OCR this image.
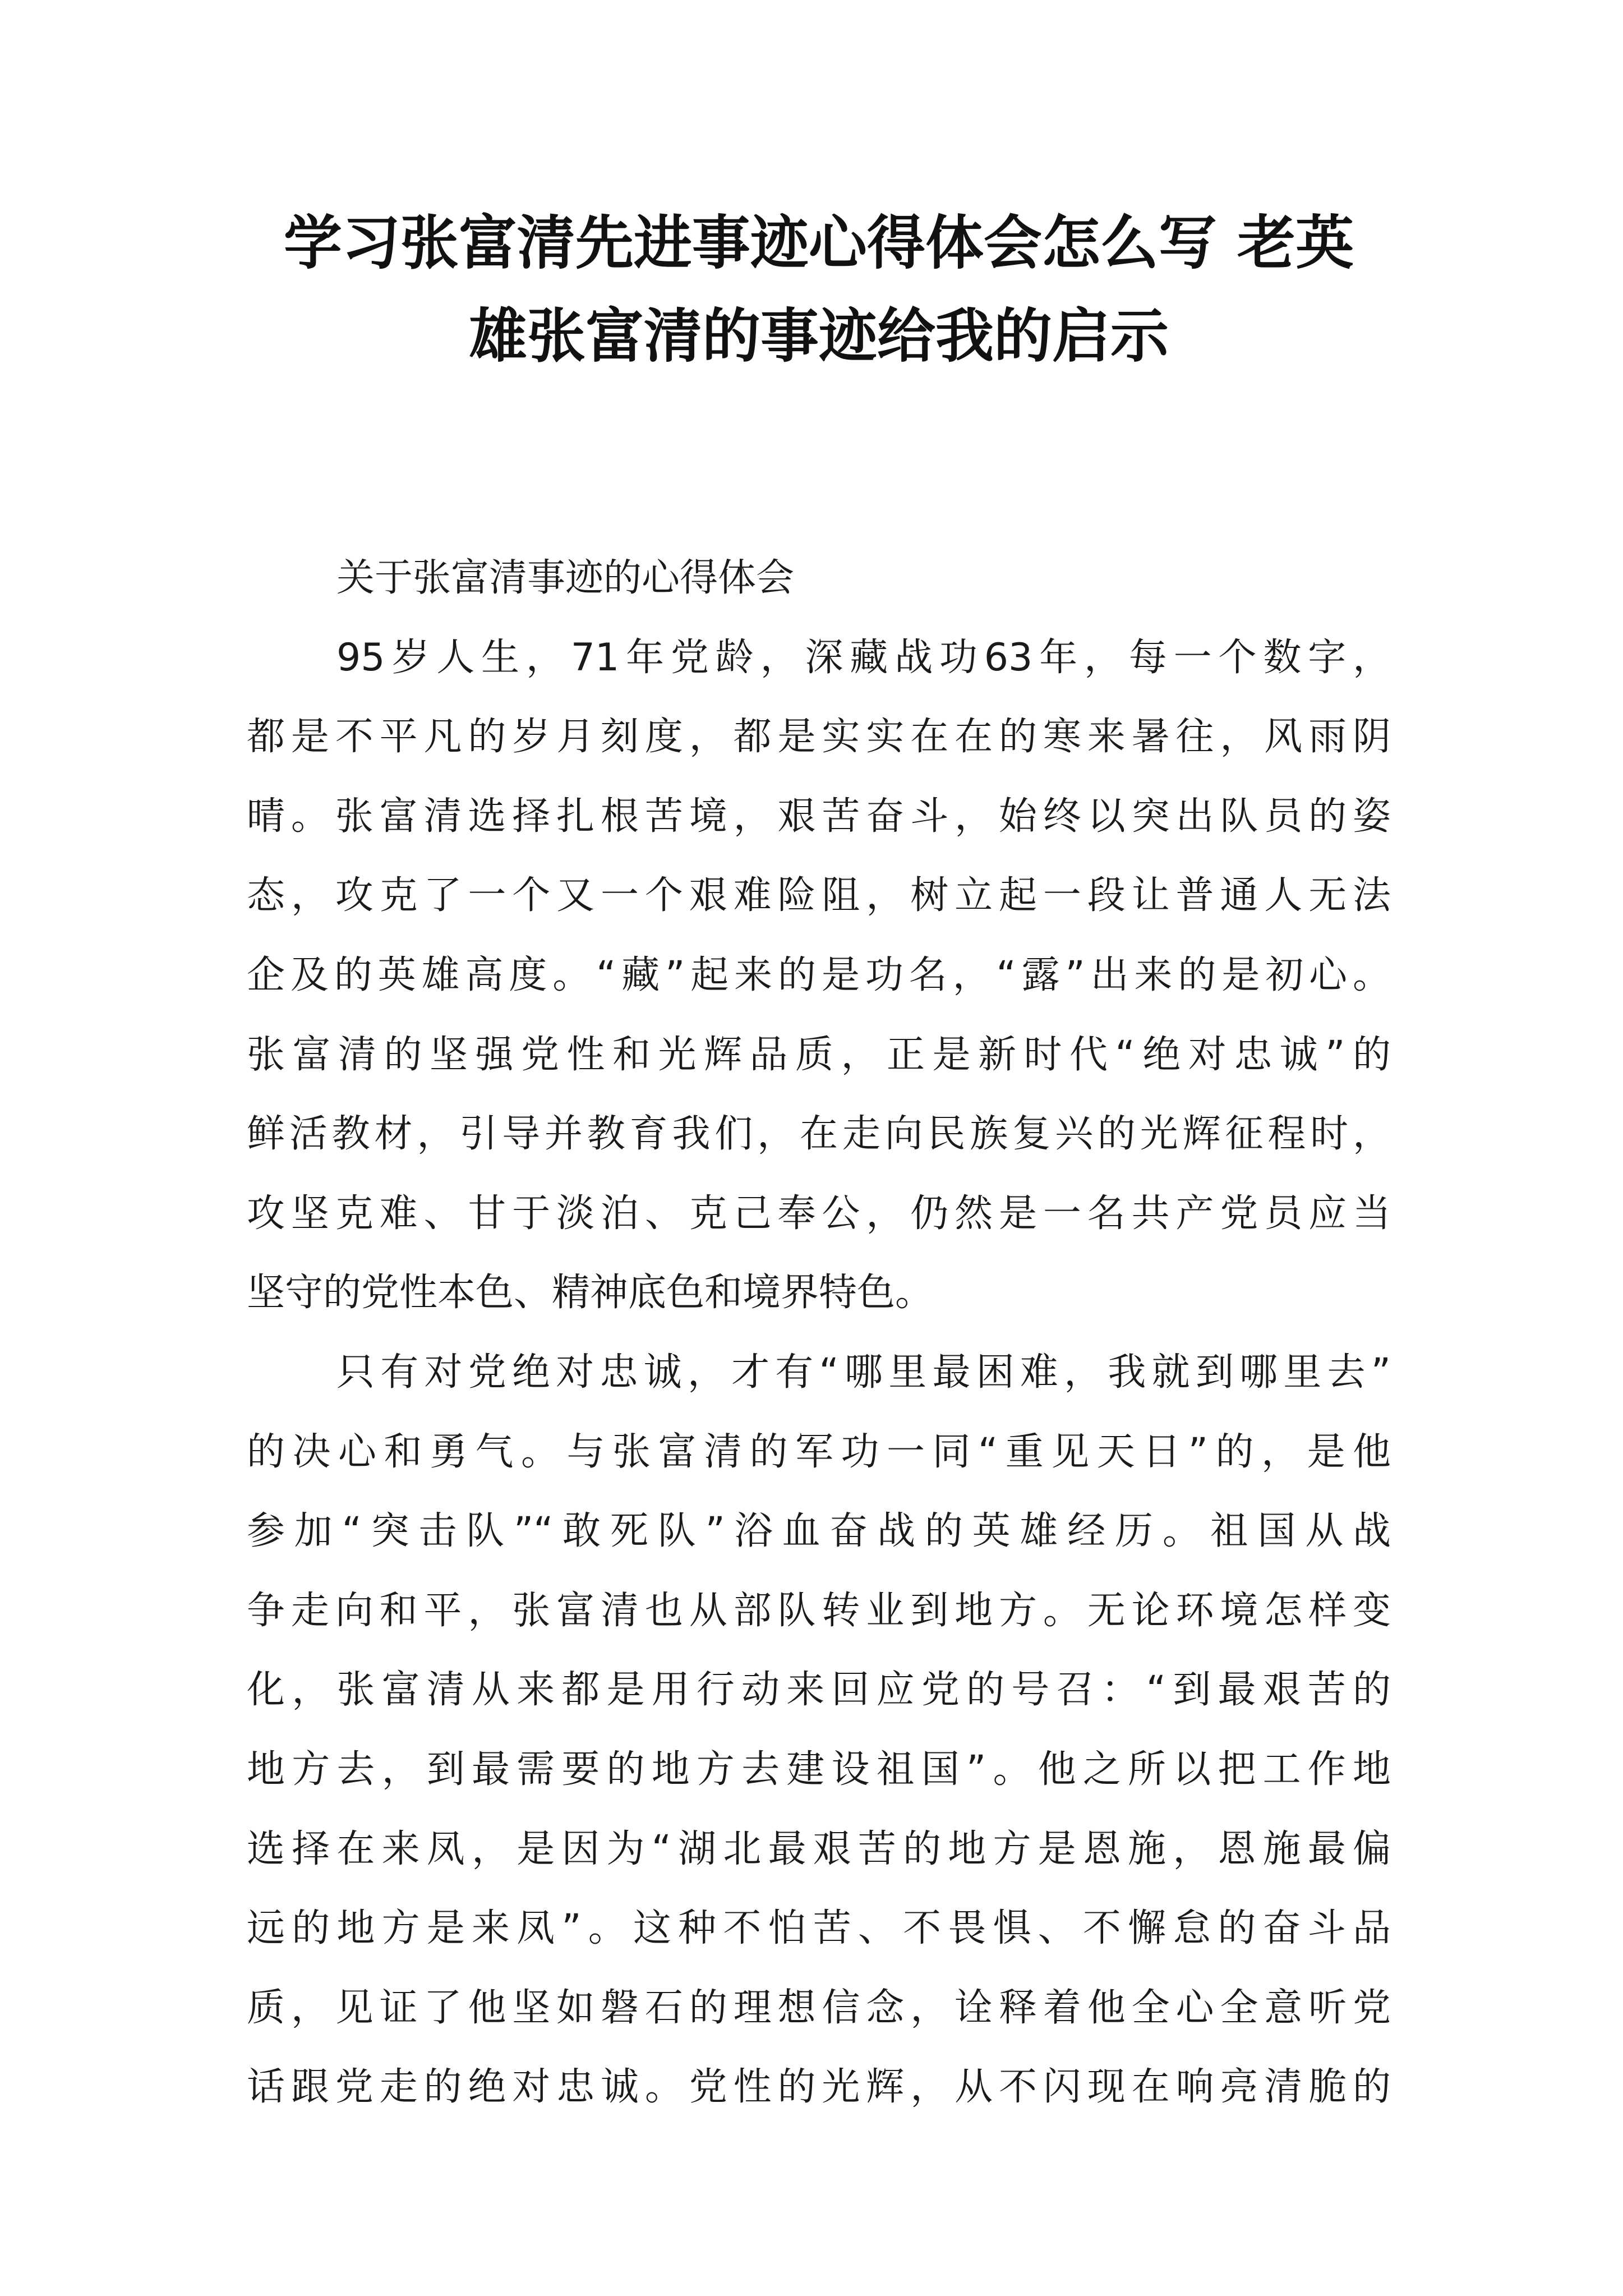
学习张富清先进事迹心得体会怎么写 老英
雄张富清的事迹给我的启示
关于张富清事迹的心得体会
95岁人生，71年党龄，深藏战功63年，每一个数字，
都是不平凡的岁月刻度，都是实实在在的寒来暑往，风雨阴
晴。张富清选择扎根苦境，艰苦奋斗，始终以突出队员的姿
态，攻克了一个又一个艰难险阻，树立起一段让普通人无法
企及的英雄高度。“藏”起来的是功名，“露”出来的是初心。
张富清的坚强党性和光辉品质，正是新时代“绝对忠诚”的
鲜活教材，引导并教育我们，在走向民族复兴的光辉征程时，
攻坚克难、甘于淡泊、克己奉公，仍然是一名共产党员应当
坚守的党性本色、精神底色和境界特色。
只有对党绝对忠诚，才有“哪里最困难，我就到哪里去”
的决心和勇气。与张富清的军功一同“重见天日”的，是他
参加“突击队”“敢死队”浴血奋战的英雄经历。祖国从战
争走向和平，张富清也从部队转业到地方。无论环境怎样变
化，张富清从来都是用行动来回应党的号召：“到最艰苦的
地方去，到最需要的地方去建设祖国”。他之所以把工作地
选择在来凤，是因为“湖北最艰苦的地方是恩施，恩施最偏
远的地方是来凤”。这种不怕苦、不畏惧、不懈怠的奋斗品
质，见证了他坚如磐石的理想信念，诠释着他全心全意听党
话跟党走的绝对忠诚。党性的光辉，从不闪现在响亮清脆的
